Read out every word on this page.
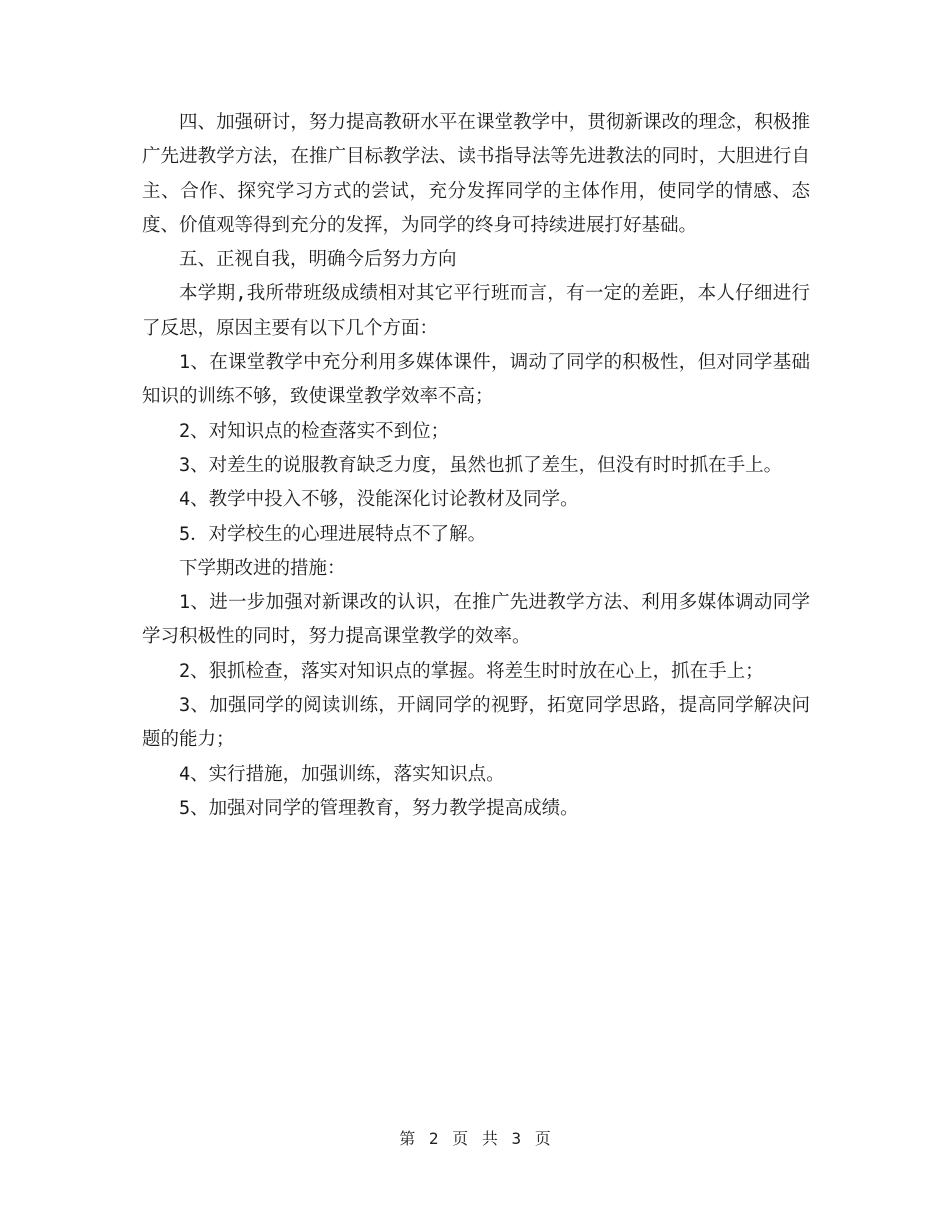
四、加强研讨，努力提高教研水平在课堂教学中，贯彻新课改的理念，积极推广先进教学方法，在推广目标教学法、读书指导法等先进教法的同时，大胆进行自主、合作、探究学习方式的尝试，充分发挥同学的主体作用，使同学的情感、态度、价值观等得到充分的发挥，为同学的终身可持续进展打好基础。

五、正视自我，明确今后努力方向

本学期,我所带班级成绩相对其它平行班而言，有一定的差距，本人仔细进行了反思，原因主要有以下几个方面：

1、在课堂教学中充分利用多媒体课件，调动了同学的积极性，但对同学基础知识的训练不够，致使课堂教学效率不高；

2、对知识点的检查落实不到位；

3、对差生的说服教育缺乏力度，虽然也抓了差生，但没有时时抓在手上。

4、教学中投入不够，没能深化讨论教材及同学。

5．对学校生的心理进展特点不了解。

下学期改进的措施：

1、进一步加强对新课改的认识，在推广先进教学方法、利用多媒体调动同学学习积极性的同时，努力提高课堂教学的效率。

2、狠抓检查，落实对知识点的掌握。将差生时时放在心上，抓在手上；

3、加强同学的阅读训练，开阔同学的视野，拓宽同学思路，提高同学解决问题的能力；

4、实行措施，加强训练，落实知识点。

5、加强对同学的管理教育，努力教学提高成绩。

第 2 页 共 3 页
